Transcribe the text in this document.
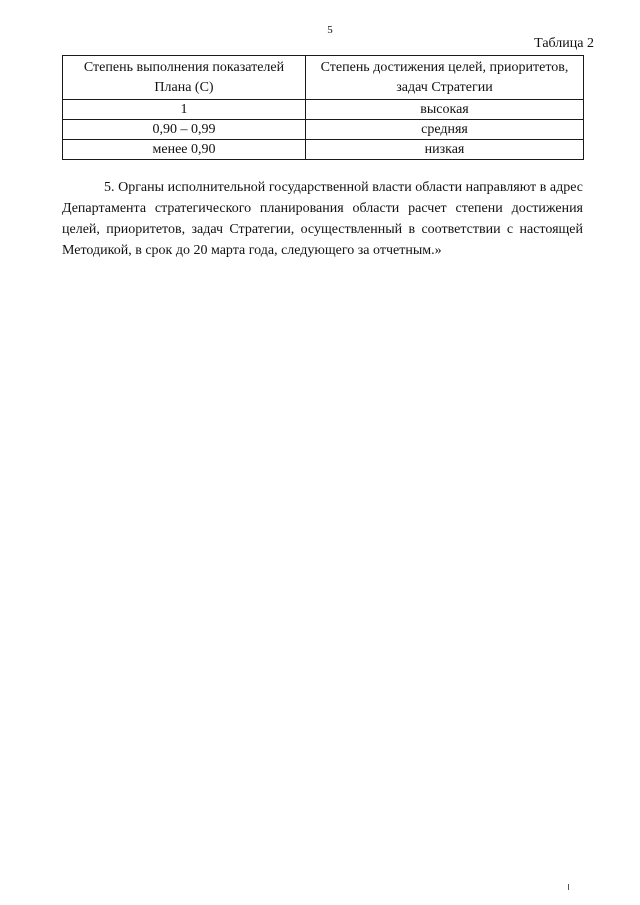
5
Таблица 2
Степень выполнения показателей Плана (С)	Степень достижения целей, приоритетов, задач Стратегии
1	высокая
0,90 – 0,99	средняя
менее 0,90	низкая

5. Органы исполнительной государственной власти области направляют в адрес Департамента стратегического планирования области расчет степени достижения целей, приоритетов, задач Стратегии, осуществленный в соответствии с настоящей Методикой, в срок до 20 марта года, следующего за отчетным.»
